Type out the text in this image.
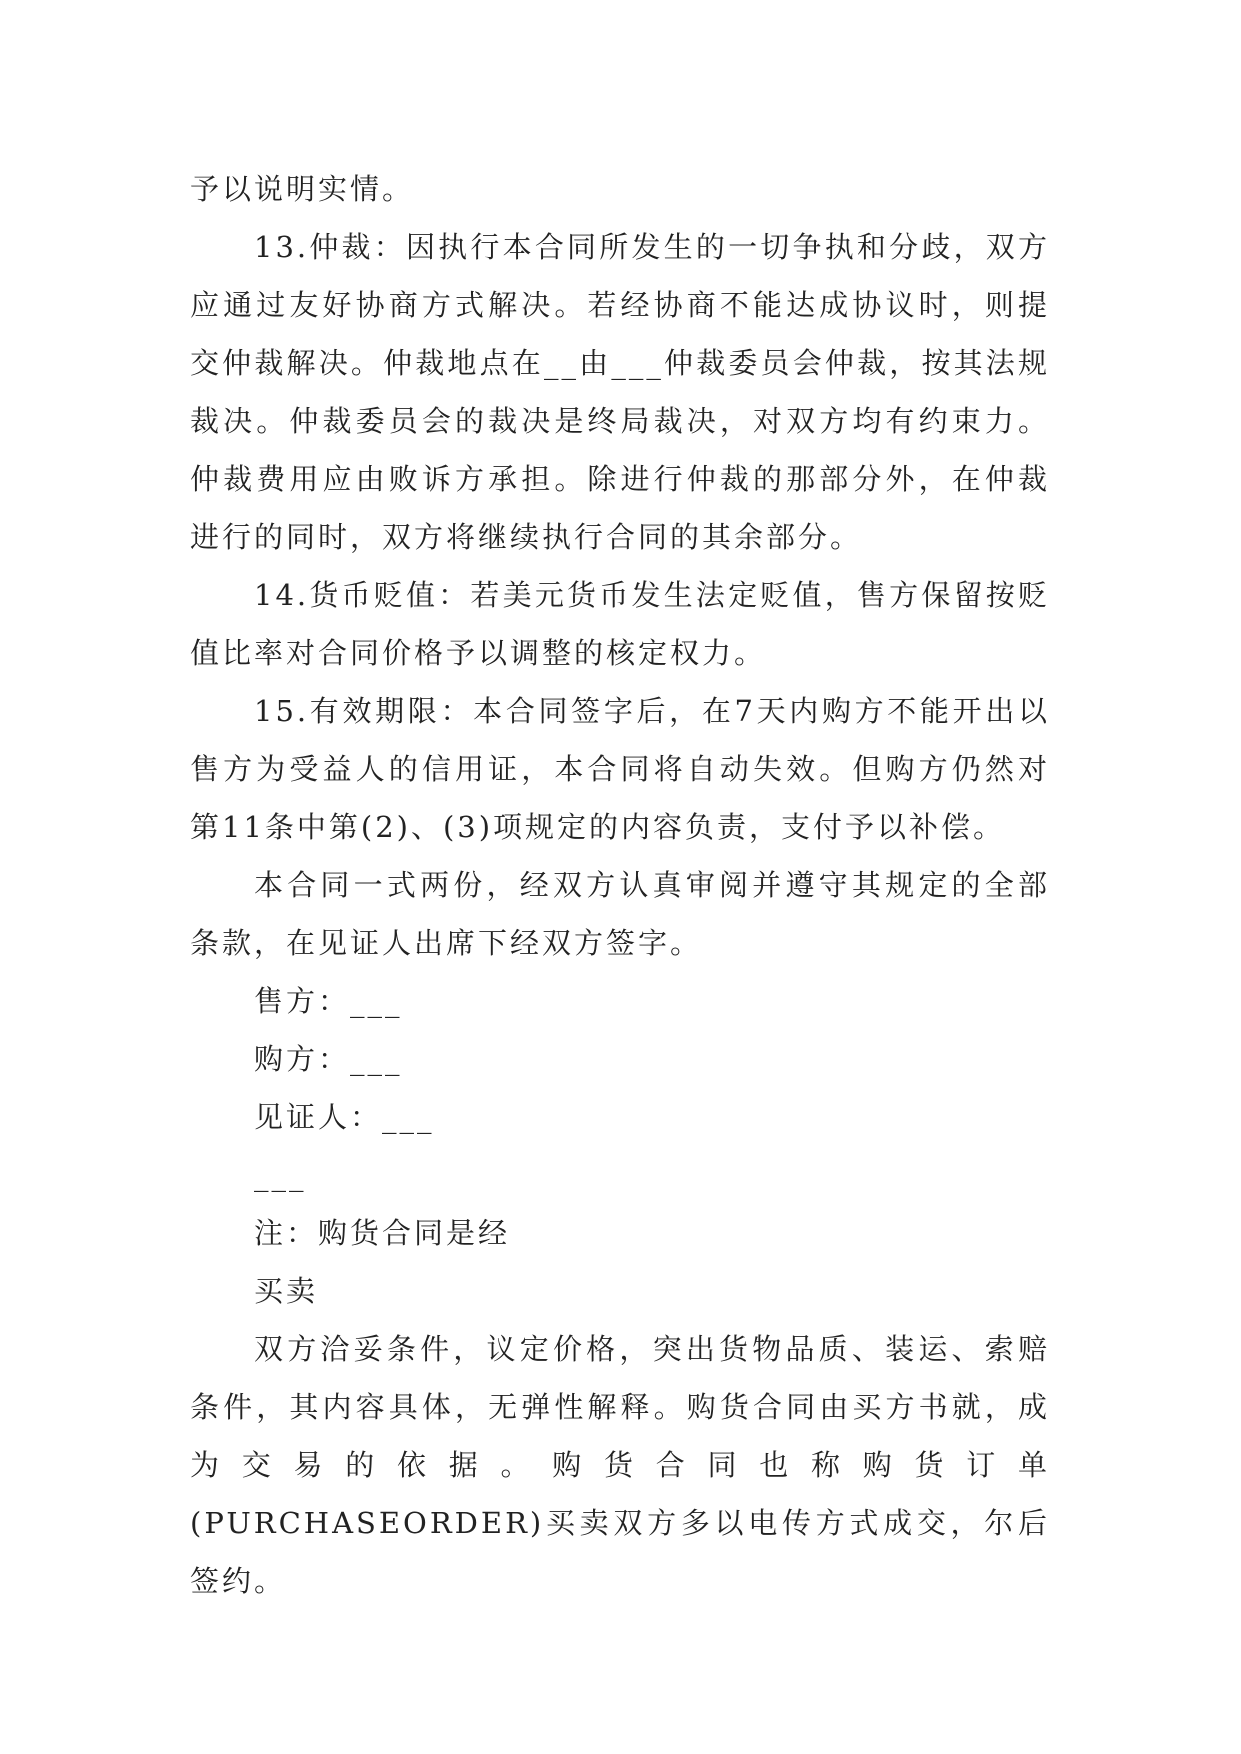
予以说明实情。

13.仲裁：因执行本合同所发生的一切争执和分歧，双方应通过友好协商方式解决。若经协商不能达成协议时，则提交仲裁解决。仲裁地点在__由___仲裁委员会仲裁，按其法规裁决。仲裁委员会的裁决是终局裁决，对双方均有约束力。仲裁费用应由败诉方承担。除进行仲裁的那部分外，在仲裁进行的同时，双方将继续执行合同的其余部分。

14.货币贬值：若美元货币发生法定贬值，售方保留按贬值比率对合同价格予以调整的核定权力。

15.有效期限：本合同签字后，在7天内购方不能开出以售方为受益人的信用证，本合同将自动失效。但购方仍然对第11条中第(2)、(3)项规定的内容负责，支付予以补偿。

本合同一式两份，经双方认真审阅并遵守其规定的全部条款，在见证人出席下经双方签字。

售方：___

购方：___

见证人：___

___

注：购货合同是经

买卖

双方洽妥条件，议定价格，突出货物品质、装运、索赔条件，其内容具体，无弹性解释。购货合同由买方书就，成为交易的依据。购货合同也称购货订单(PURCHASEORDER)买卖双方多以电传方式成交，尔后签约。
